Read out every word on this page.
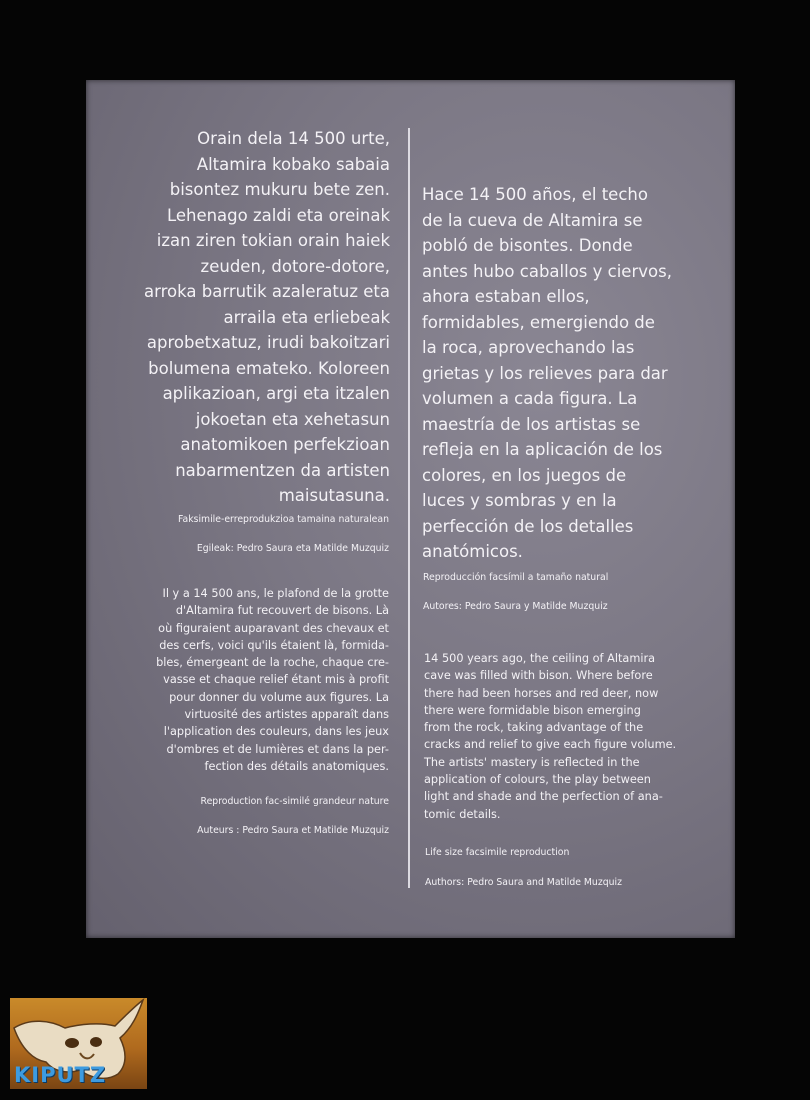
Orain dela 14 500 urte,
Altamira kobako sabaia
bisontez mukuru bete zen.
Lehenago zaldi eta oreinak
izan ziren tokian orain haiek
zeuden, dotore-dotore,
arroka barrutik azaleratuz eta
arraila eta erliebeak
aprobetxatuz, irudi bakoitzari
bolumena emateko. Koloreen
aplikazioan, argi eta itzalen
jokoetan eta xehetasun
anatomikoen perfekzioan
nabarmentzen da artisten
maisutasuna.
Faksimile-erreprodukzioa tamaina naturalean
Egileak: Pedro Saura eta Matilde Muzquiz
Il y a 14 500 ans, le plafond de la grotte
d'Altamira fut recouvert de bisons. Là
où figuraient auparavant des chevaux et
des cerfs, voici qu'ils étaient là, formida-
bles, émergeant de la roche, chaque cre-
vasse et chaque relief étant mis à profit
pour donner du volume aux figures. La
virtuosité des artistes apparaît dans
l'application des couleurs, dans les jeux
d'ombres et de lumières et dans la per-
fection des détails anatomiques.
Reproduction fac-similé grandeur nature
Auteurs : Pedro Saura et Matilde Muzquiz
Hace 14 500 años, el techo
de la cueva de Altamira se
pobló de bisontes. Donde
antes hubo caballos y ciervos,
ahora estaban ellos,
formidables, emergiendo de
la roca, aprovechando las
grietas y los relieves para dar
volumen a cada figura. La
maestría de los artistas se
refleja en la aplicación de los
colores, en los juegos de
luces y sombras y en la
perfección de los detalles
anatómicos.
Reproducción facsímil a tamaño natural
Autores: Pedro Saura y Matilde Muzquiz
14 500 years ago, the ceiling of Altamira
cave was filled with bison. Where before
there had been horses and red deer, now
there were formidable bison emerging
from the rock, taking advantage of the
cracks and relief to give each figure volume.
The artists' mastery is reflected in the
application of colours, the play between
light and shade and the perfection of ana-
tomic details.
Life size facsimile reproduction
Authors: Pedro Saura and Matilde Muzquiz
KIPUTZ
